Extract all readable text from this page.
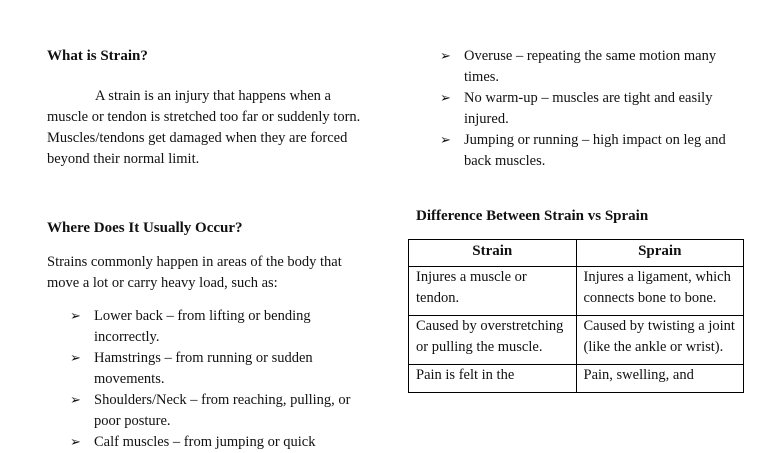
What is Strain?

A strain is an injury that happens when a muscle or tendon is stretched too far or suddenly torn. Muscles/tendons get damaged when they are forced beyond their normal limit.

Where Does It Usually Occur?

Strains commonly happen in areas of the body that move a lot or carry heavy load, such as:

➢ Lower back – from lifting or bending incorrectly.
➢ Hamstrings – from running or sudden movements.
➢ Shoulders/Neck – from reaching, pulling, or poor posture.
➢ Calf muscles – from jumping or quick
➢ Overuse – repeating the same motion many times.
➢ No warm-up – muscles are tight and easily injured.
➢ Jumping or running – high impact on leg and back muscles.
Difference Between Strain vs Sprain
Strain	Sprain
Injures a muscle or tendon.	Injures a ligament, which connects bone to bone.
Caused by overstretching or pulling the muscle.	Caused by twisting a joint (like the ankle or wrist).
Pain is felt in the	Pain, swelling, and
